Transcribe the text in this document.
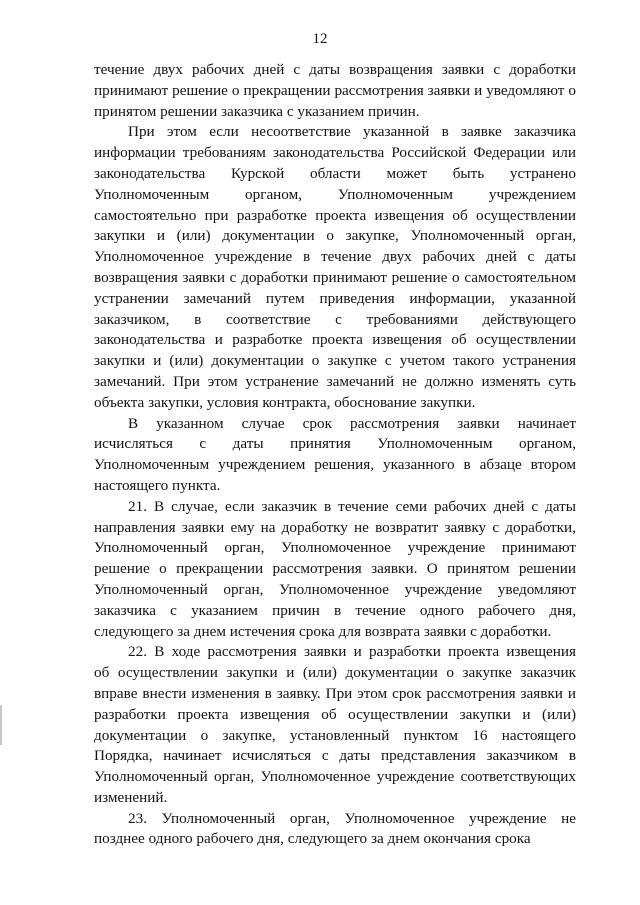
12

течение двух рабочих дней с даты возвращения заявки с доработки
принимают решение о прекращении рассмотрения заявки и уведомляют о
принятом решении заказчика с указанием причин.

При этом если несоответствие указанной в заявке заказчика
информации требованиям законодательства Российской Федерации или
законодательства Курской области может быть устранено
Уполномоченным органом, Уполномоченным учреждением
самостоятельно при разработке проекта извещения об осуществлении
закупки и (или) документации о закупке, Уполномоченный орган,
Уполномоченное учреждение в течение двух рабочих дней с даты
возвращения заявки с доработки принимают решение о самостоятельном
устранении замечаний путем приведения информации, указанной
заказчиком, в соответствие с требованиями действующего
законодательства и разработке проекта извещения об осуществлении
закупки и (или) документации о закупке с учетом такого устранения
замечаний. При этом устранение замечаний не должно изменять суть
объекта закупки, условия контракта, обоснование закупки.

В указанном случае срок рассмотрения заявки начинает
исчисляться с даты принятия Уполномоченным органом,
Уполномоченным учреждением решения, указанного в абзаце втором
настоящего пункта.

21. В случае, если заказчик в течение семи рабочих дней с даты
направления заявки ему на доработку не возвратит заявку с доработки,
Уполномоченный орган, Уполномоченное учреждение принимают
решение о прекращении рассмотрения заявки. О принятом решении
Уполномоченный орган, Уполномоченное учреждение уведомляют
заказчика с указанием причин в течение одного рабочего дня,
следующего за днем истечения срока для возврата заявки с доработки.

22. В ходе рассмотрения заявки и разработки проекта извещения
об осуществлении закупки и (или) документации о закупке заказчик
вправе внести изменения в заявку. При этом срок рассмотрения заявки и
разработки проекта извещения об осуществлении закупки и (или)
документации о закупке, установленный пунктом 16 настоящего
Порядка, начинает исчисляться с даты представления заказчиком в
Уполномоченный орган, Уполномоченное учреждение соответствующих
изменений.

23. Уполномоченный орган, Уполномоченное учреждение не
позднее одного рабочего дня, следующего за днем окончания срока
